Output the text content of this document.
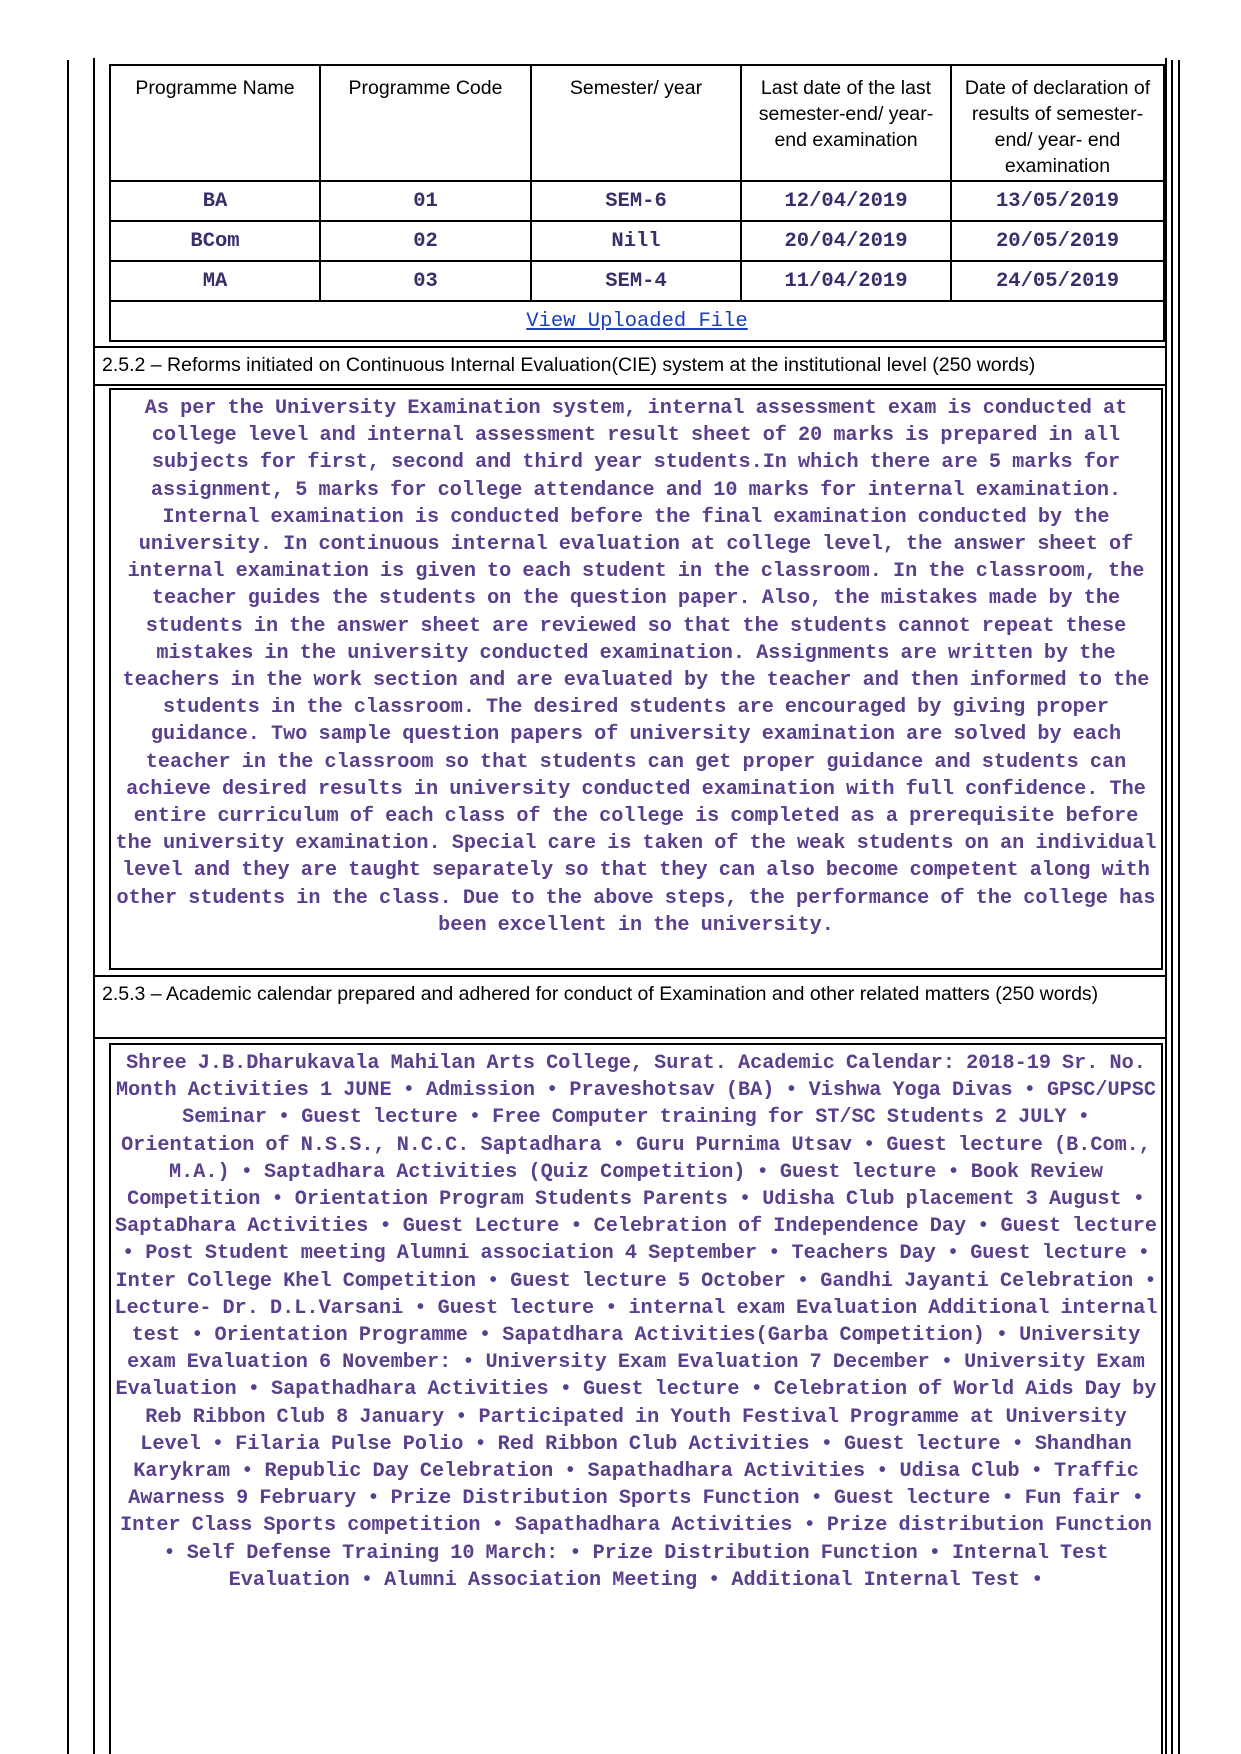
Programme Name	Programme Code	Semester/ year	Last date of the last semester-end/ year- end examination	Date of declaration of results of semester- end/ year- end examination
BA	01	SEM-6	12/04/2019	13/05/2019
BCom	02	Nill	20/04/2019	20/05/2019
MA	03	SEM-4	11/04/2019	24/05/2019
View Uploaded File				
2.5.2 – Reforms initiated on Continuous Internal Evaluation(CIE) system at the institutional level (250 words)
As per the University Examination system, internal assessment exam is conducted at college level and internal assessment result sheet of 20 marks is prepared in all subjects for first, second and third year students.In which there are 5 marks for assignment, 5 marks for college attendance and 10 marks for internal examination. Internal examination is conducted before the final examination conducted by the university. In continuous internal evaluation at college level, the answer sheet of internal examination is given to each student in the classroom. In the classroom, the teacher guides the students on the question paper. Also, the mistakes made by the students in the answer sheet are reviewed so that the students cannot repeat these mistakes in the university conducted examination. Assignments are written by the teachers in the work section and are evaluated by the teacher and then informed to the students in the classroom. The desired students are encouraged by giving proper guidance. Two sample question papers of university examination are solved by each teacher in the classroom so that students can get proper guidance and students can achieve desired results in university conducted examination with full confidence. The entire curriculum of each class of the college is completed as a prerequisite before the university examination. Special care is taken of the weak students on an individual level and they are taught separately so that they can also become competent along with other students in the class. Due to the above steps, the performance of the college has been excellent in the university.
2.5.3 – Academic calendar prepared and adhered for conduct of Examination and other related matters (250 words)
Shree J.B.Dharukavala Mahilan Arts College, Surat. Academic Calendar: 2018-19 Sr. No. Month Activities 1 JUNE • Admission • Praveshotsav (BA) • Vishwa Yoga Divas • GPSC/UPSC Seminar • Guest lecture • Free Computer training for ST/SC Students 2 JULY • Orientation of N.S.S., N.C.C. Saptadhara • Guru Purnima Utsav • Guest lecture (B.Com., M.A.) • Saptadhara Activities (Quiz Competition) • Guest lecture • Book Review Competition • Orientation Program Students Parents • Udisha Club placement 3 August • SaptaDhara Activities • Guest Lecture • Celebration of Independence Day • Guest lecture • Post Student meeting Alumni association 4 September • Teachers Day • Guest lecture • Inter College Khel Competition • Guest lecture 5 October • Gandhi Jayanti Celebration • Lecture- Dr. D.L.Varsani • Guest lecture • internal exam Evaluation Additional internal test • Orientation Programme • Sapatdhara Activities(Garba Competition) • University exam Evaluation 6 November: • University Exam Evaluation 7 December • University Exam Evaluation • Sapathadhara Activities • Guest lecture • Celebration of World Aids Day by Reb Ribbon Club 8 January • Participated in Youth Festival Programme at University Level • Filaria Pulse Polio • Red Ribbon Club Activities • Guest lecture • Shandhan Karykram • Republic Day Celebration • Sapathadhara Activities • Udisa Club • Traffic Awarness 9 February • Prize Distribution Sports Function • Guest lecture • Fun fair • Inter Class Sports competition • Sapathadhara Activities • Prize distribution Function • Self Defense Training 10 March: • Prize Distribution Function • Internal Test Evaluation • Alumni Association Meeting • Additional Internal Test •
